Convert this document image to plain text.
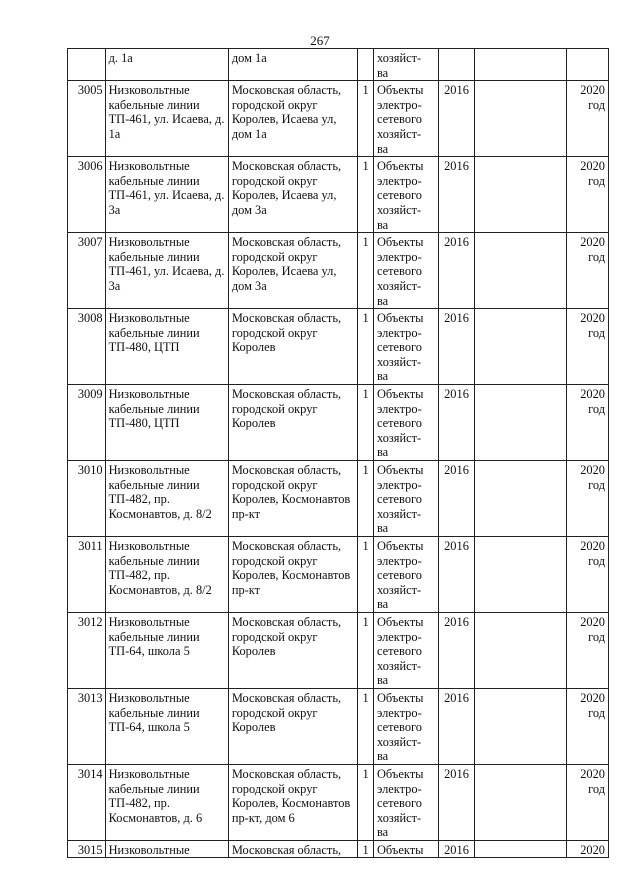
267
	д. 1а	дом 1а		хозяйст- ва			
3005	Низковольтные кабельные линии ТП-461, ул. Исаева, д. 1а	Московская область, городской округ Королев, Исаева ул, дом 1а	1	Объекты электро- сетевого хозяйст- ва	2016		2020 год
3006	Низковольтные кабельные линии ТП-461, ул. Исаева, д. 3а	Московская область, городской округ Королев, Исаева ул, дом 3а	1	Объекты электро- сетевого хозяйст- ва	2016		2020 год
3007	Низковольтные кабельные линии ТП-461, ул. Исаева, д. 3а	Московская область, городской округ Королев, Исаева ул, дом 3а	1	Объекты электро- сетевого хозяйст- ва	2016		2020 год
3008	Низковольтные кабельные линии ТП-480, ЦТП	Московская область, городской округ Королев	1	Объекты электро- сетевого хозяйст- ва	2016		2020 год
3009	Низковольтные кабельные линии ТП-480, ЦТП	Московская область, городской округ Королев	1	Объекты электро- сетевого хозяйст- ва	2016		2020 год
3010	Низковольтные кабельные линии ТП-482, пр. Космонавтов, д. 8/2	Московская область, городской округ Королев, Космонавтов пр-кт	1	Объекты электро- сетевого хозяйст- ва	2016		2020 год
3011	Низковольтные кабельные линии ТП-482, пр. Космонавтов, д. 8/2	Московская область, городской округ Королев, Космонавтов пр-кт	1	Объекты электро- сетевого хозяйст- ва	2016		2020 год
3012	Низковольтные кабельные линии ТП-64, школа 5	Московская область, городской округ Королев	1	Объекты электро- сетевого хозяйст- ва	2016		2020 год
3013	Низковольтные кабельные линии ТП-64, школа 5	Московская область, городской округ Королев	1	Объекты электро- сетевого хозяйст- ва	2016		2020 год
3014	Низковольтные кабельные линии ТП-482, пр. Космонавтов, д. 6	Московская область, городской округ Королев, Космонавтов пр-кт, дом 6	1	Объекты электро- сетевого хозяйст- ва	2016		2020 год
3015	Низковольтные	Московская область,	1	Объекты	2016		2020
